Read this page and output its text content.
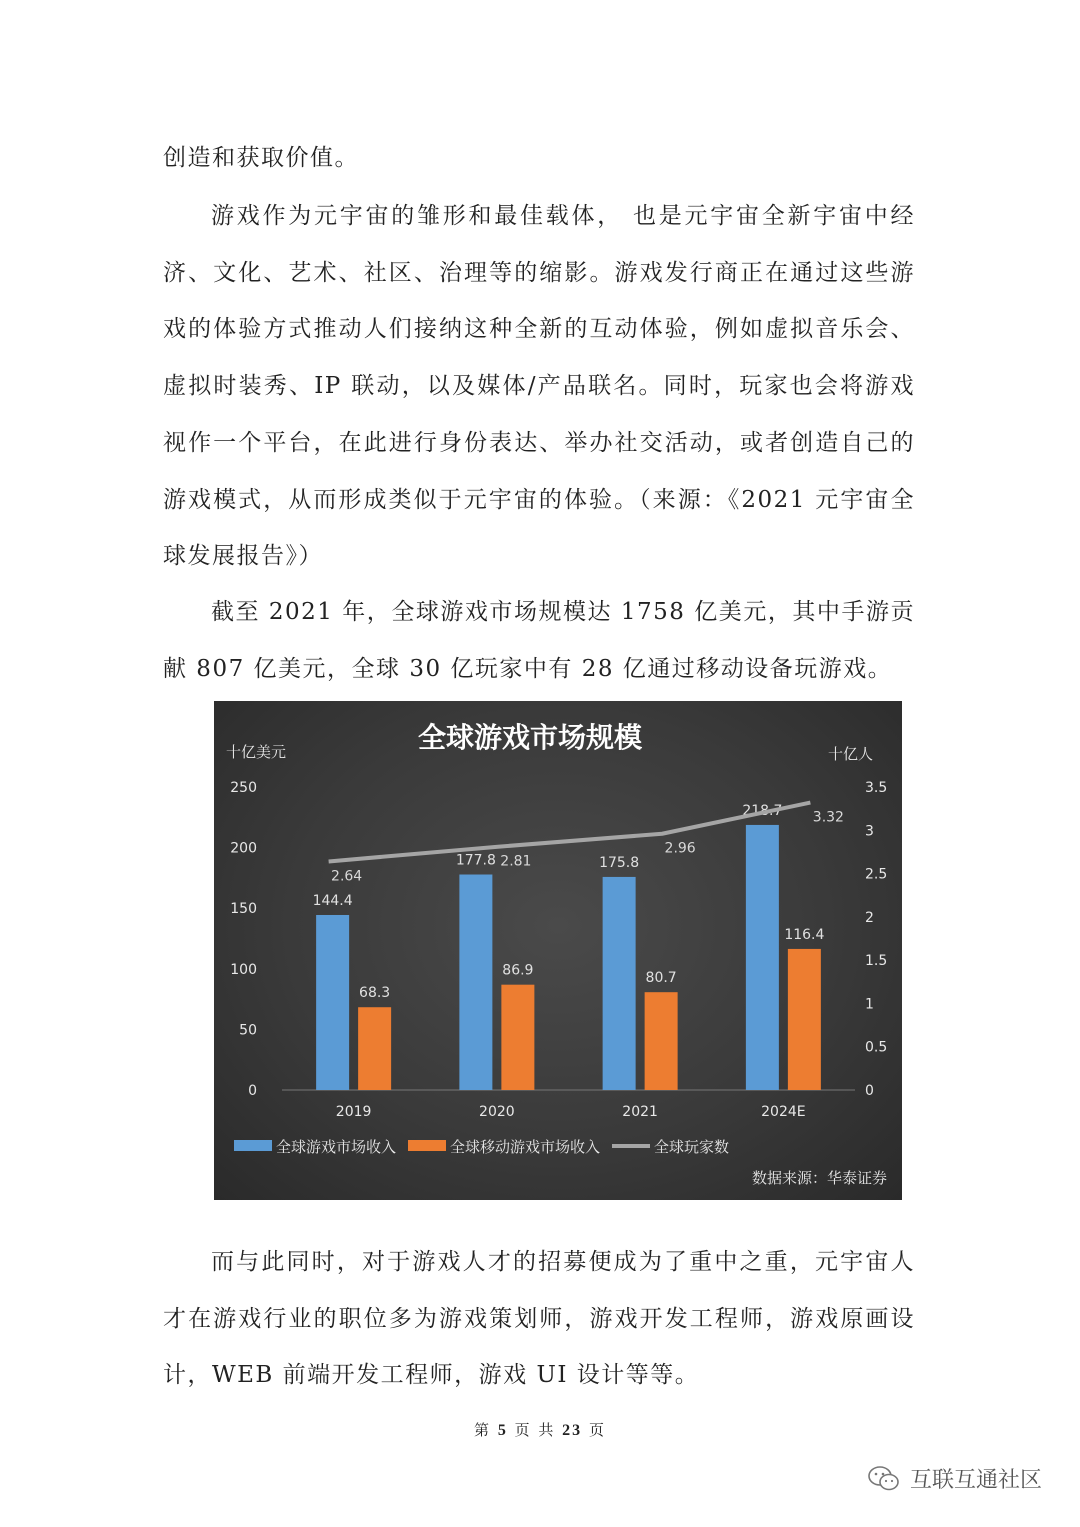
创造和获取价值。

游戏作为元宇宙的雏形和最佳载体， 也是元宇宙全新宇宙中经济、文化、艺术、社区、治理等的缩影。游戏发行商正在通过这些游戏的体验方式推动人们接纳这种全新的互动体验，例如虚拟音乐会、虚拟时装秀、IP 联动，以及媒体/产品联名。同时，玩家也会将游戏视作一个平台，在此进行身份表达、举办社交活动，或者创造自己的游戏模式，从而形成类似于元宇宙的体验。（来源：《2021 元宇宙全球发展报告》）

截至 2021 年，全球游戏市场规模达 1758 亿美元，其中手游贡献 807 亿美元，全球 30 亿玩家中有 28 亿通过移动设备玩游戏。

全球游戏市场规模
十亿美元	十亿人
0
50
100
150
200
250
0
0.5
1
1.5
2
2.5
3
3.5
2019
144.4
68.3
2020
177.8
86.9
2021
175.8
80.7
2024E
218.7
116.4
2.64
2.81
2.96
3.32
全球游戏市场收入	全球移动游戏市场收入	全球玩家数
数据来源：华泰证券

而与此同时，对于游戏人才的招募便成为了重中之重，元宇宙人才在游戏行业的职位多为游戏策划师，游戏开发工程师，游戏原画设计，WEB 前端开发工程师，游戏 UI 设计等等。

第 5 页 共 23 页
互联互通社区
